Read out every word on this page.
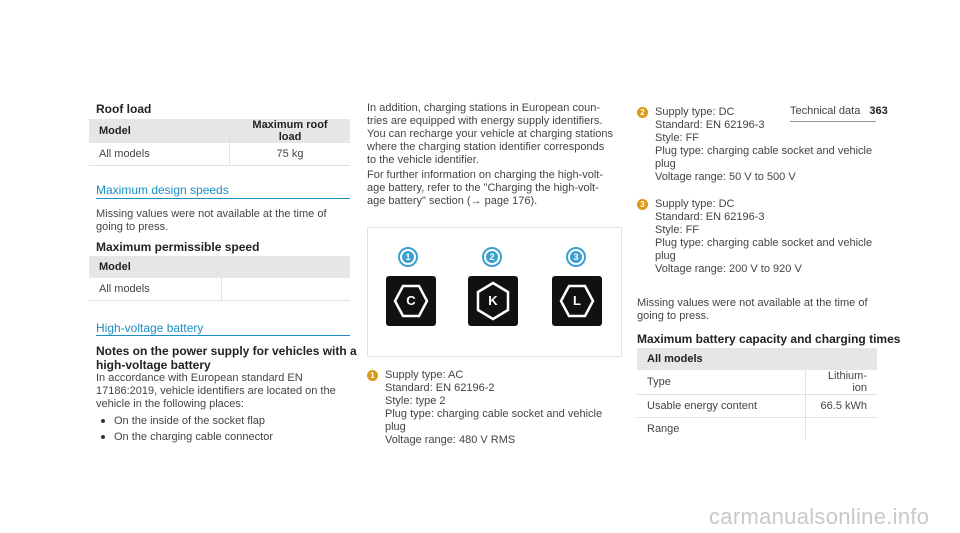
Technical data 363
Roof load
Model	Maximum roof load
All models	75 kg
Maximum design speeds

Missing values were not available at the time of going to press.

Maximum permissible speed
Model
All models	
High-voltage battery
Notes on the power supply for vehicles with a
high-voltage battery

In accordance with European standard EN

17186:2019, vehicle identifiers are located on the

vehicle in the following places:

On the inside of the socket flap
On the charging cable connector

In addition, charging stations in European coun-

tries are equipped with energy supply identifiers.

You can recharge your vehicle at charging stations

where the charging station identifier corresponds

to the vehicle identifier.

For further information on charging the high-volt-

age battery, refer to the "Charging the high-volt-

age battery" section (→ page 176).

1
C
2
K
3
L
1 Supply type: AC

Standard: EN 62196-2

Style: type 2

Plug type: charging cable socket and vehicle

plug

Voltage range: 480 V RMS

2 Supply type: DC

Standard: EN 62196-3

Style: FF

Plug type: charging cable socket and vehicle

plug

Voltage range: 50 V to 500 V

3 Supply type: DC

Standard: EN 62196-3

Style: FF

Plug type: charging cable socket and vehicle

plug

Voltage range: 200 V to 920 V

Missing values were not available at the time of

going to press.

Maximum battery capacity and charging times
All models	
Type	Lithium-ion
Usable energy content	66.5 kWh
Range	
carmanualsonline.info
